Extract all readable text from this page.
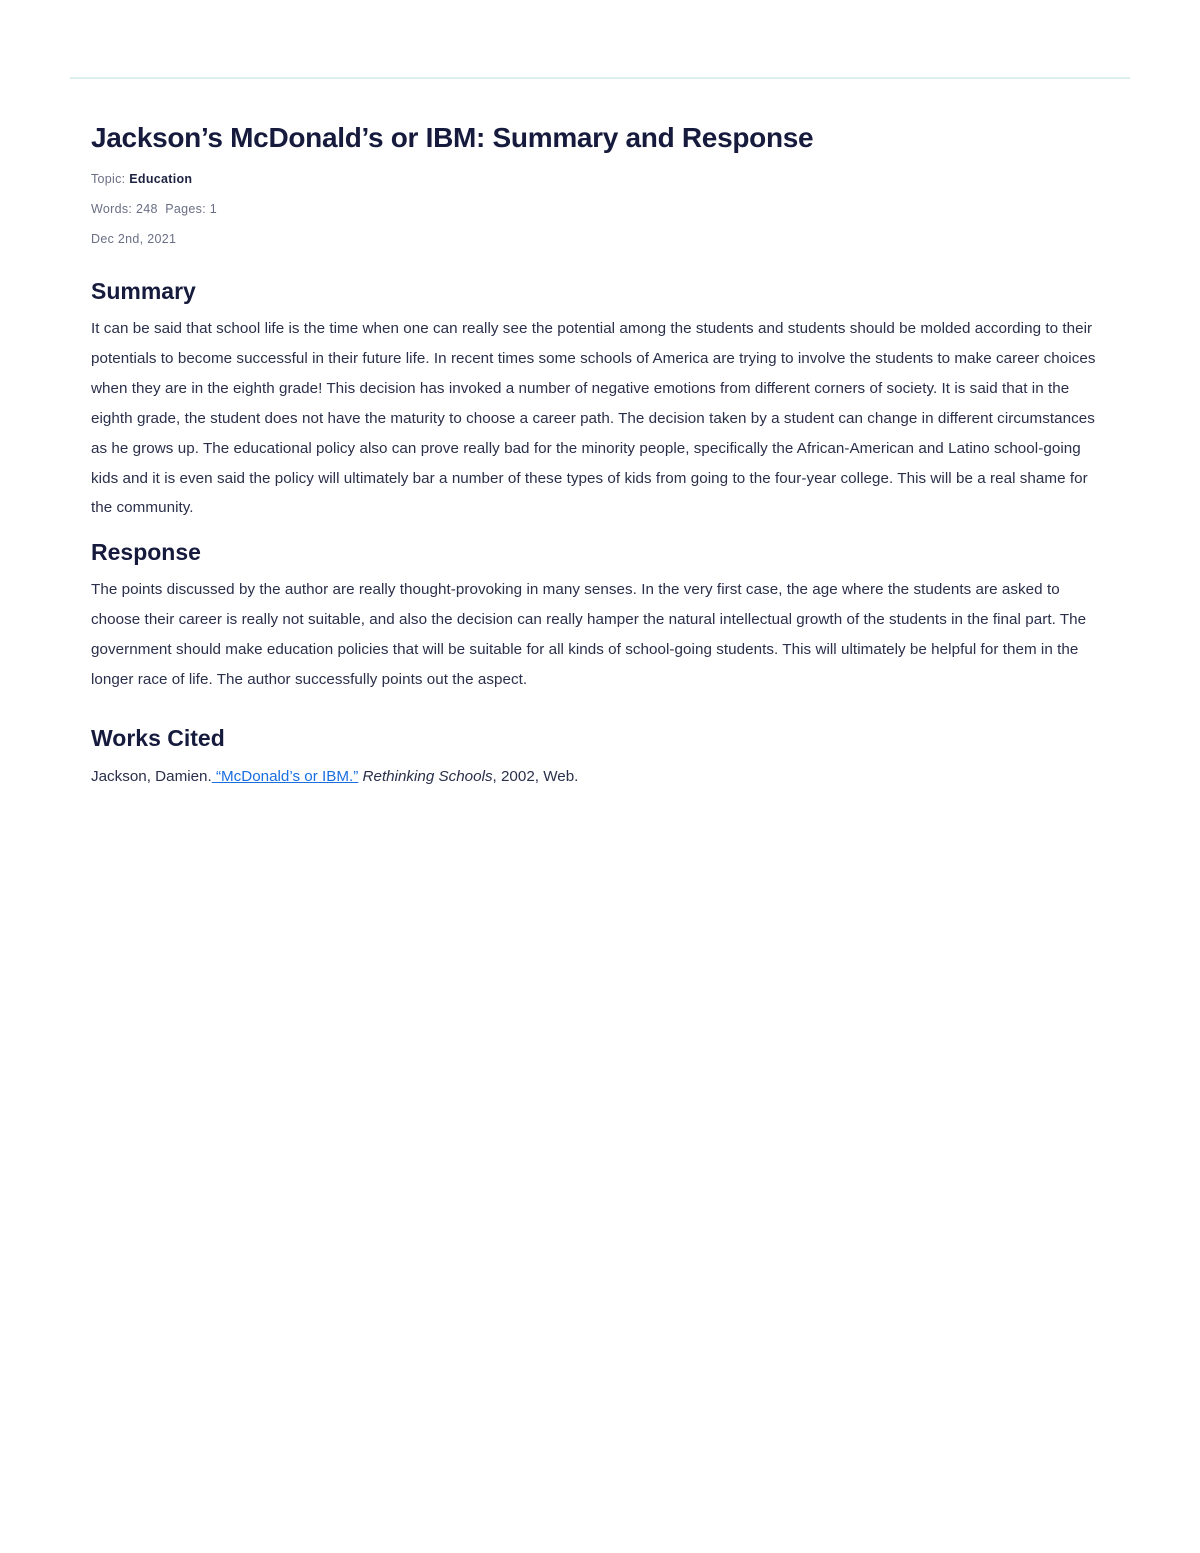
Jackson’s McDonald’s or IBM: Summary and Response
Topic: Education
Words: 248 Pages: 1
Dec 2nd, 2021
Summary

It can be said that school life is the time when one can really see the potential among the students and students should be molded according to their potentials to become successful in their future life. In recent times some schools of America are trying to involve the students to make career choices when they are in the eighth grade! This decision has invoked a number of negative emotions from different corners of society. It is said that in the eighth grade, the student does not have the maturity to choose a career path. The decision taken by a student can change in different circumstances as he grows up. The educational policy also can prove really bad for the minority people, specifically the African-American and Latino school-going kids and it is even said the policy will ultimately bar a number of these types of kids from going to the four-year college. This will be a real shame for the community.

Response

The points discussed by the author are really thought-provoking in many senses. In the very first case, the age where the students are asked to choose their career is really not suitable, and also the decision can really hamper the natural intellectual growth of the students in the final part. The government should make education policies that will be suitable for all kinds of school-going students. This will ultimately be helpful for them in the longer race of life. The author successfully points out the aspect.

Works Cited
Jackson, Damien. “McDonald’s or IBM.” Rethinking Schools, 2002, Web.
